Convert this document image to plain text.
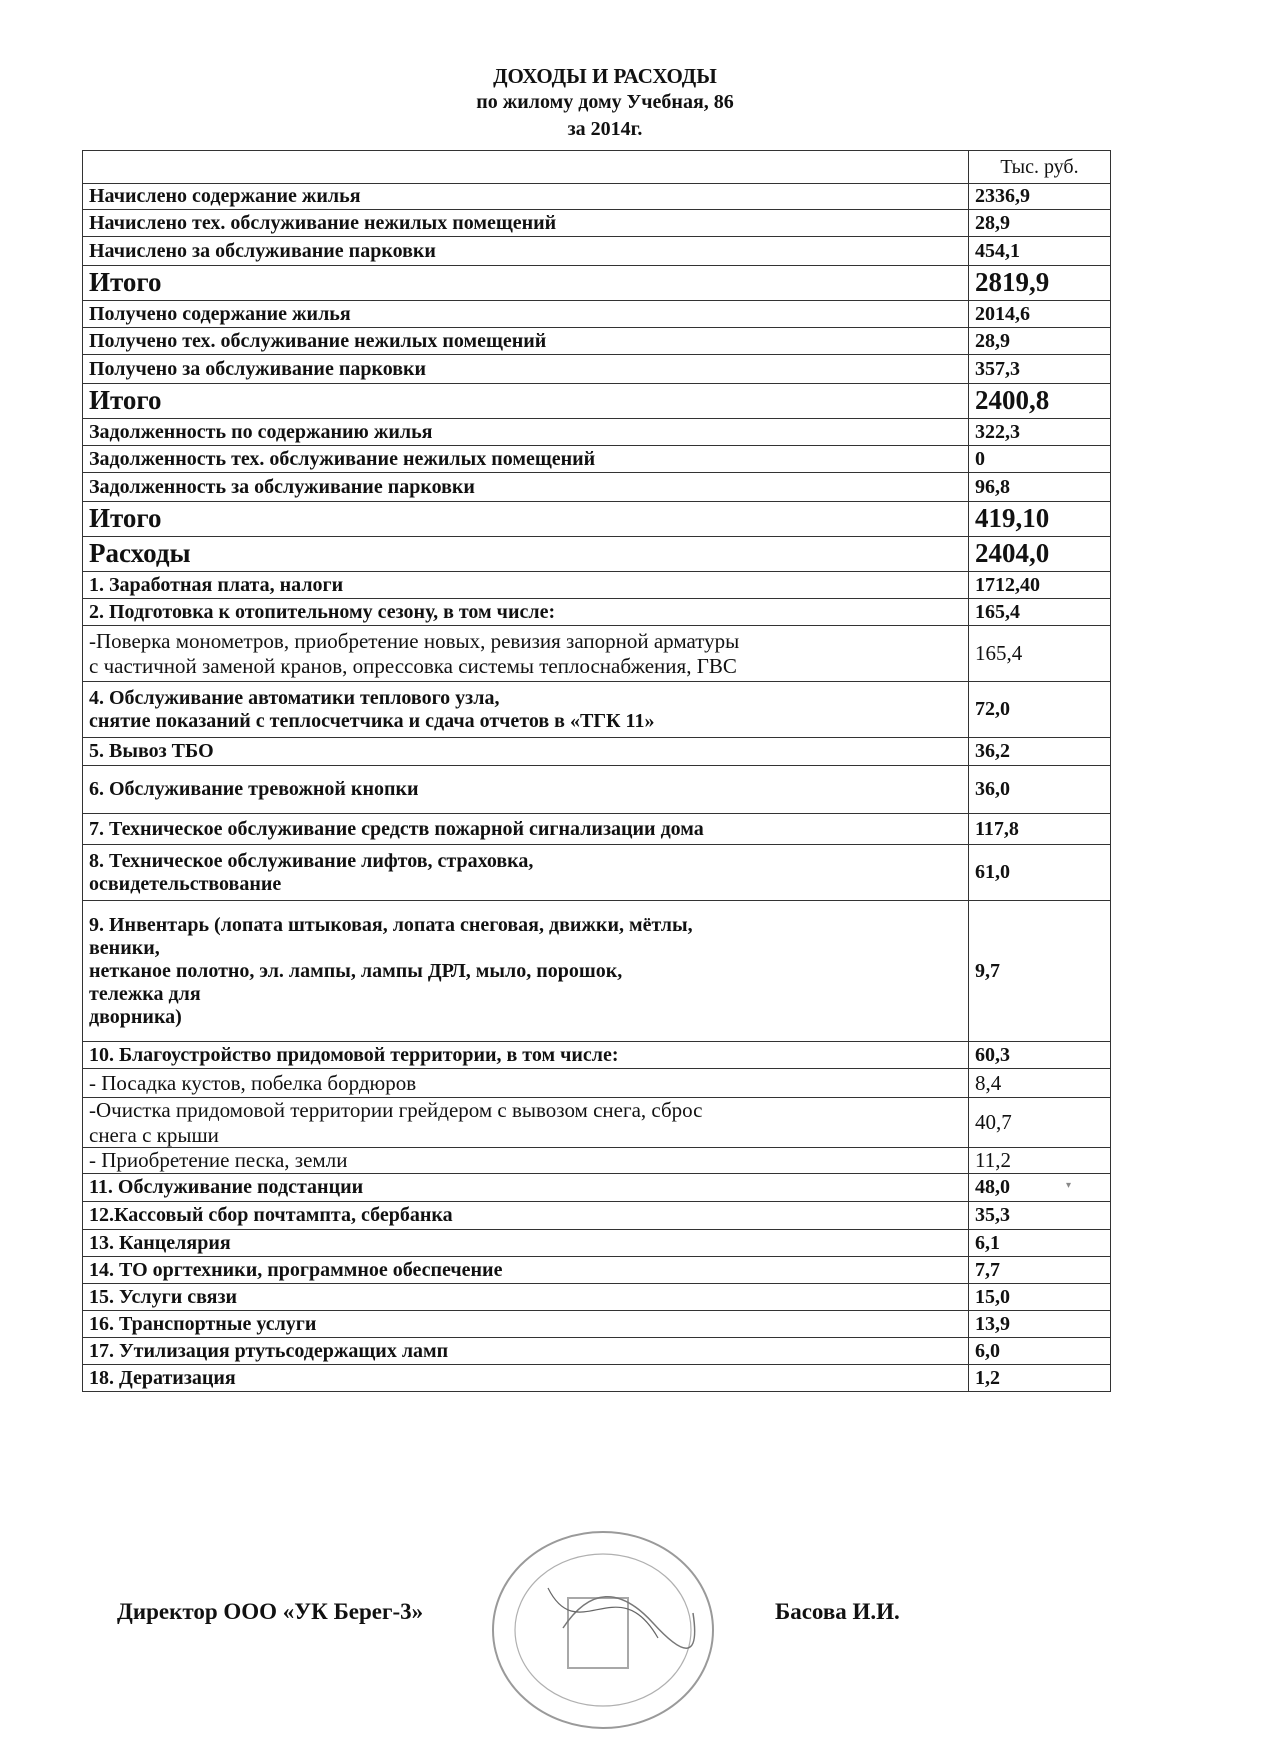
ДОХОДЫ И РАСХОДЫ
по жилому дому Учебная, 86
за 2014г.
	Тыс. руб.
Начислено содержание жилья	2336,9
Начислено тех. обслуживание нежилых помещений	28,9
Начислено за обслуживание парковки	454,1
Итого	2819,9
Получено содержание жилья	2014,6
Получено тех. обслуживание нежилых помещений	28,9
Получено за обслуживание парковки	357,3
Итого	2400,8
Задолженность по содержанию жилья	322,3
Задолженность тех. обслуживание нежилых помещений	0
Задолженность за обслуживание парковки	96,8
Итого	419,10
Расходы	2404,0
1. Заработная плата, налоги	1712,40
2. Подготовка к отопительному сезону, в том числе:	165,4
-Поверка монометров, приобретение новых, ревизия запорной арматуры
с частичной заменой кранов, опрессовка системы теплоснабжения, ГВС	165,4
4. Обслуживание автоматики теплового узла,
снятие показаний с теплосчетчика и сдача отчетов в «ТГК 11»	72,0
5. Вывоз ТБО	36,2
6. Обслуживание тревожной кнопки	36,0
7. Техническое обслуживание средств пожарной сигнализации дома	117,8
8. Техническое обслуживание лифтов, страховка,
освидетельствование	61,0
9. Инвентарь (лопата штыковая, лопата снеговая, движки, мётлы,
веники,
нетканое полотно, эл. лампы, лампы ДРЛ, мыло, порошок,
тележка для
дворника)	9,7
10. Благоустройство придомовой территории, в том числе:	60,3
- Посадка кустов, побелка бордюров	8,4
-Очистка придомовой территории грейдером с вывозом снега, сброс
снега с крыши	40,7
- Приобретение песка, земли	11,2
11. Обслуживание подстанции	48,0
12.Кассовый сбор почтампта, сбербанка	35,3
13. Канцелярия	6,1
14. ТО оргтехники, программное обеспечение	7,7
15. Услуги связи	15,0
16. Транспортные услуги	13,9
17. Утилизация ртутьсодержащих ламп	6,0
18. Дератизация	1,2
Директор ООО «УК Берег-3»	Басова И.И.
▾
